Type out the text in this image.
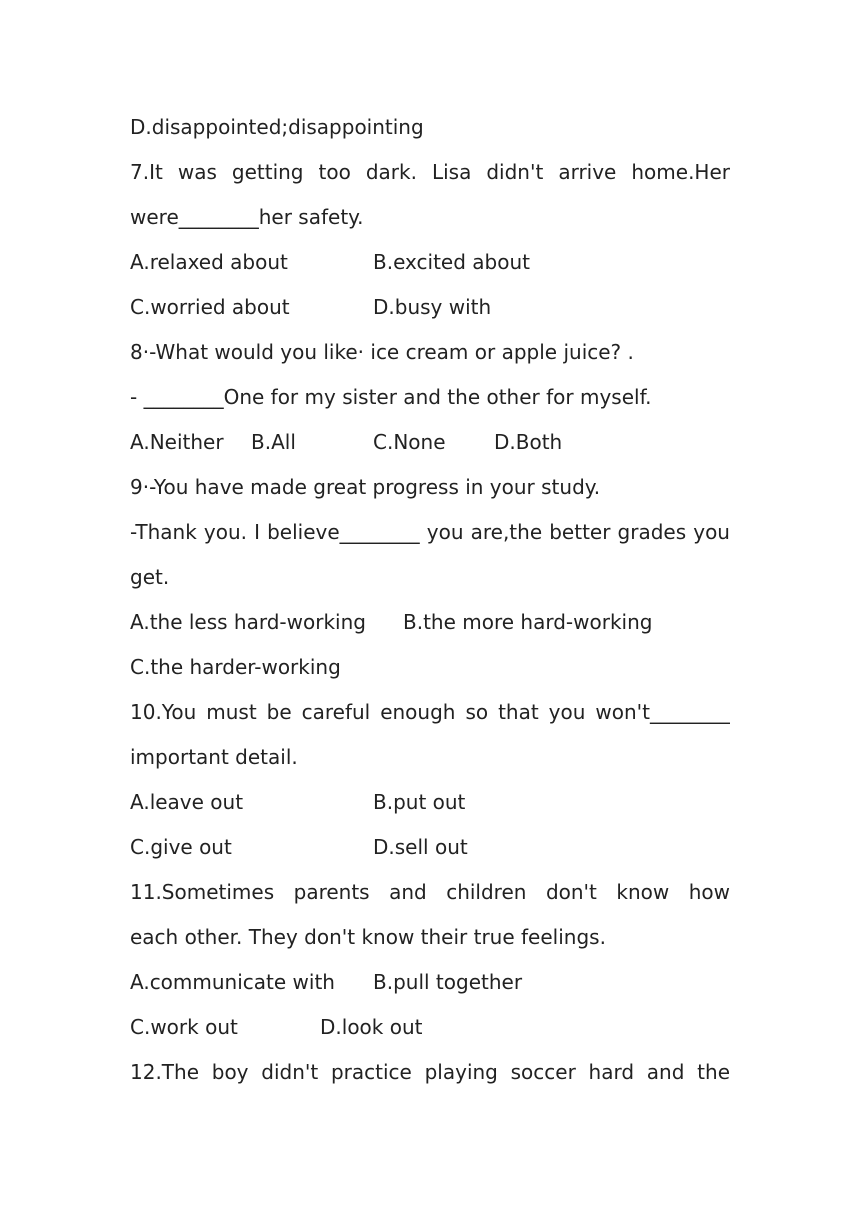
D.disappointed;disappointing
7.It was getting too dark. Lisa didn't arrive home.Her
were________her safety.
A.relaxed about	B.excited about
C.worried about	D.busy with
8·-What would you like· ice cream or apple juice? .
- ________One for my sister and the other for myself.
A.Neither B.All	C.None D.Both
9·-You have made great progress in your study.
-Thank you. I believe________ you are,the better grades you
get.
A.the less hard-working B.the more hard-working
C.the harder-working
10.You must be careful enough so that you won't________
important detail.
A.leave out	B.put out
C.give out	D.sell out
11.Sometimes parents and children don't know how
each other. They don't know their true feelings.
A.communicate with B.pull together
C.work out	D.look out
12.The boy didn't practice playing soccer hard and the
